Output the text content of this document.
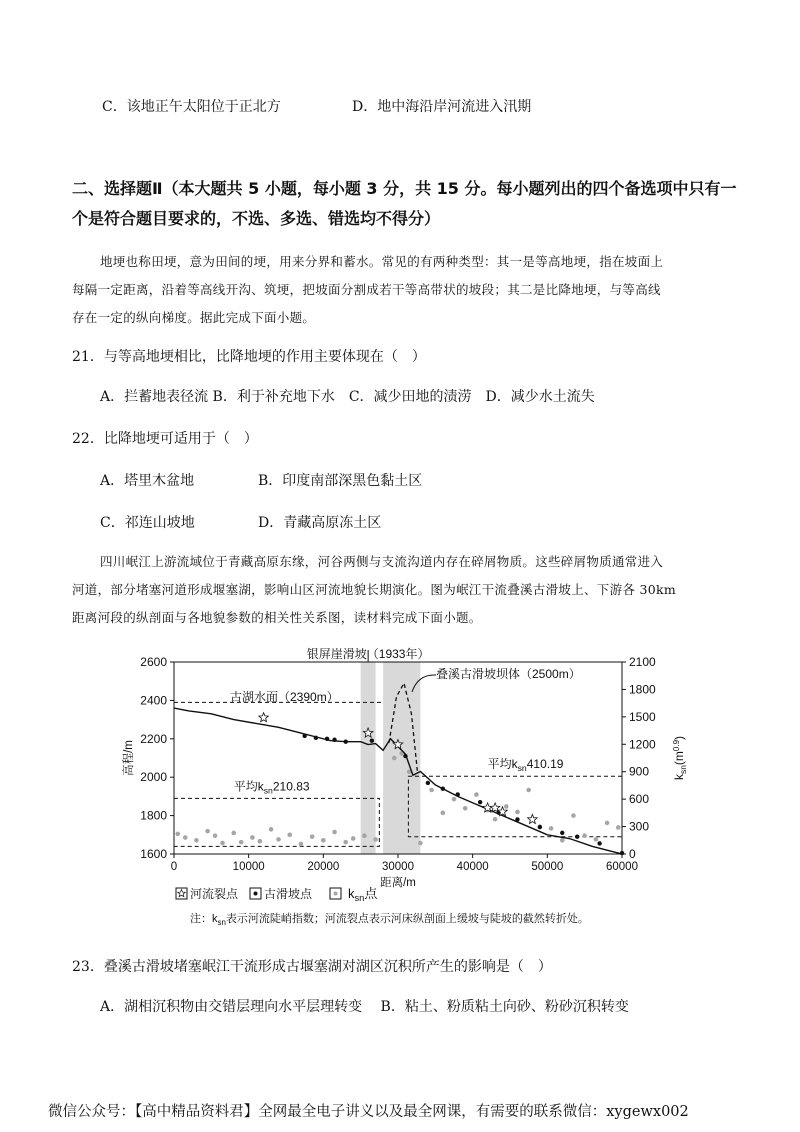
C．该地正午太阳位于正北方	D．地中海沿岸河流进入汛期
二、选择题Ⅱ（本大题共 5 小题，每小题 3 分，共 15 分。每小题列出的四个备选项中只有一
个是符合题目要求的，不选、多选、错选均不得分）
地埂也称田埂，意为田间的埂，用来分界和蓄水。常见的有两种类型：其一是等高地埂，指在坡面上
每隔一定距离，沿着等高线开沟、筑埂，把坡面分割成若干等高带状的坡段；其二是比降地埂，与等高线
存在一定的纵向梯度。据此完成下面小题。
21．与等高地埂相比，比降地埂的作用主要体现在（　）
A．拦蓄地表径流 B．利于补充地下水　C．减少田地的渍涝　D．减少水土流失
22．比降地埂可适用于（　）
A．塔里木盆地	B．印度南部深黑色黏土区
C．祁连山坡地	D．青藏高原冻土区
四川岷江上游流域位于青藏高原东缘，河谷两侧与支流沟道内存在碎屑物质。这些碎屑物质通常进入
河道，部分堵塞河道形成堰塞湖，影响山区河流地貌长期演化。图为岷江干流叠溪古滑坡上、下游各 30km
距离河段的纵剖面与各地貌参数的相关性关系图，读材料完成下面小题。
0	10000	20000	30000	40000	50000	60000
1600
1800
2000
2200
2400
2600
0
300
600
900
1200
1500
1800
2100
距离/m
高程/m
$k_{sn}(m^{0.9})$
银屏崖滑坡（1933年）
叠溪古滑坡坝体（2500m）
古湖水面（2390m）
平均$k_{sn}210.83$
平均$k_{sn}410.19$
河流裂点 古滑坡点	$k_{sn}$点
注：$k_{sn}$表示河流陡峭指数；河流裂点表示河床纵剖面上缓坡与陡坡的截然转折处。
23．叠溪古滑坡堵塞岷江干流形成古堰塞湖对湖区沉积所产生的影响是（　）
A．湖相沉积物由交错层理向水平层理转变　 B．粘土、粉质粘土向砂、粉砂沉积转变
微信公众号：【高中精品资料君】全网最全电子讲义以及最全网课，有需要的联系微信：xygewx002
